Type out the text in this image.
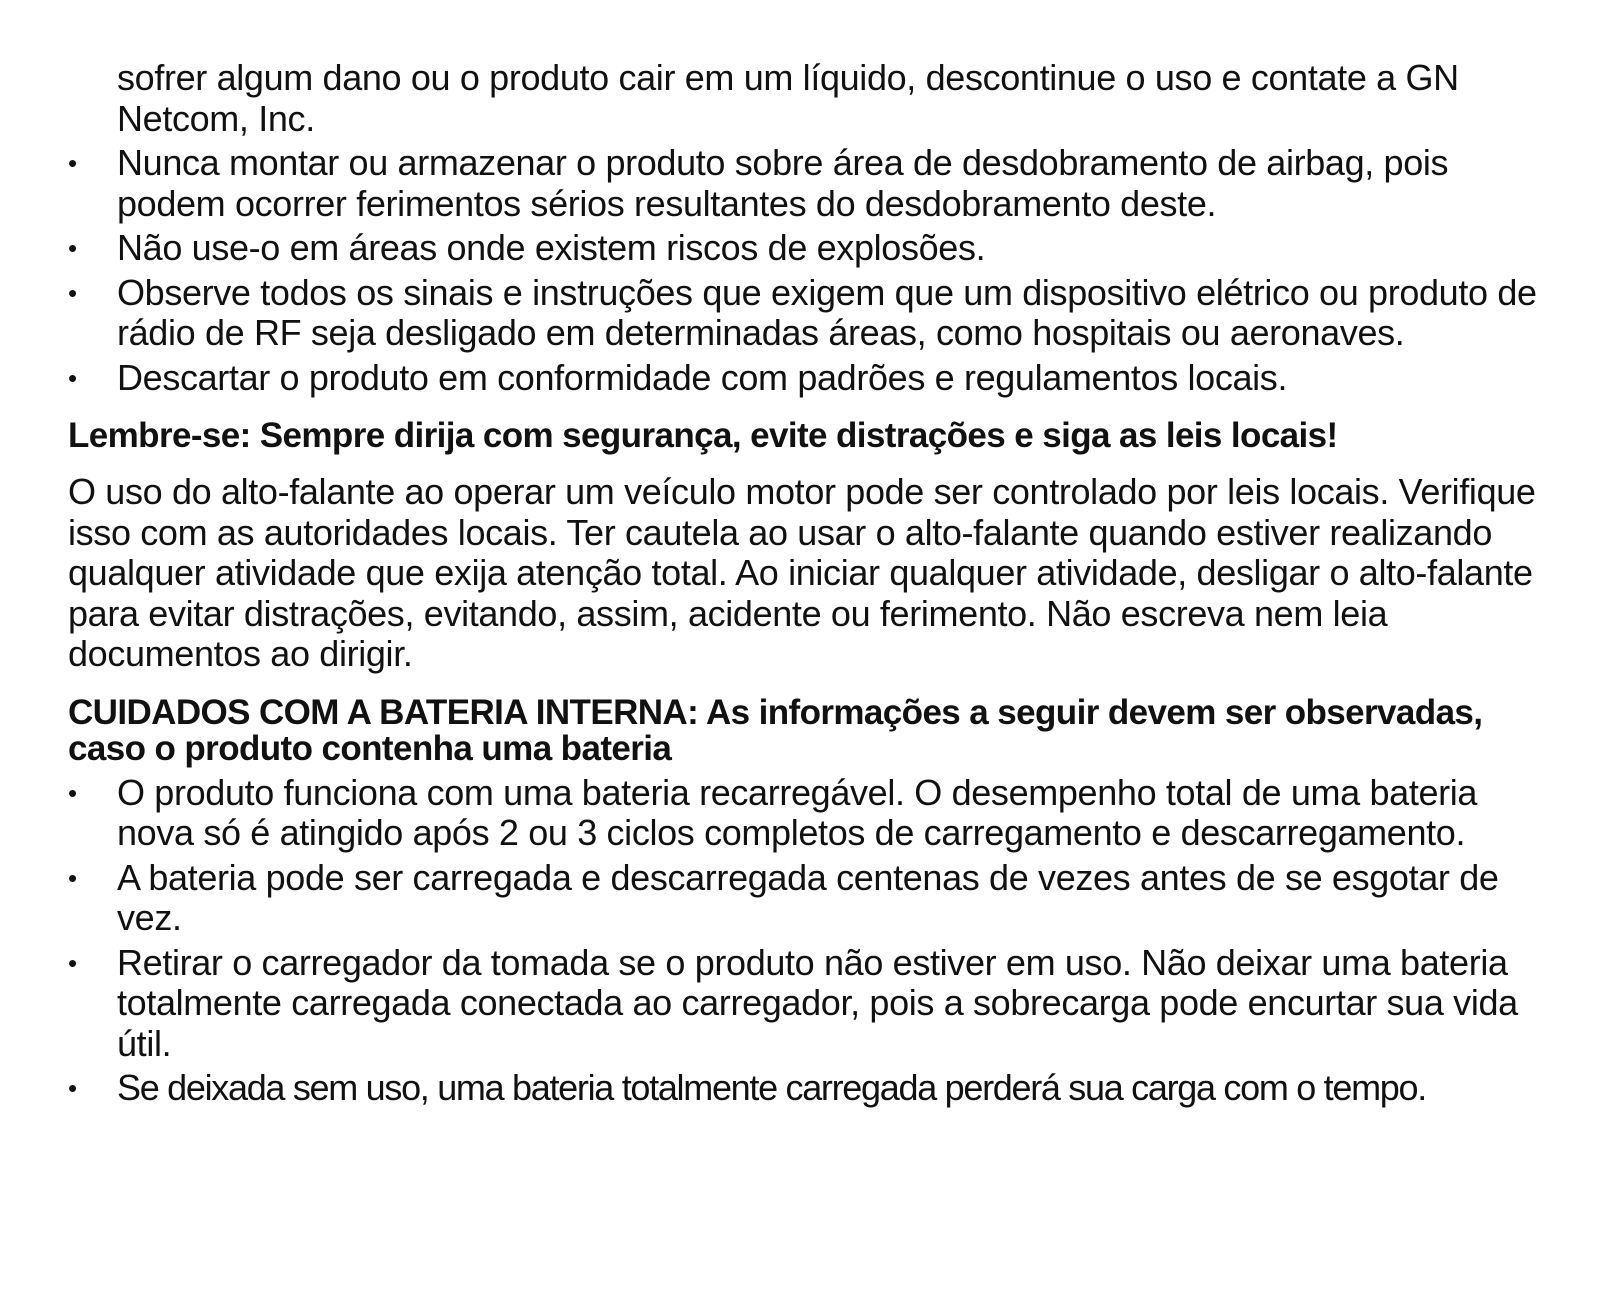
sofrer algum dano ou o produto cair em um líquido, descontinue o uso e contate a GN Netcom, Inc.
• Nunca montar ou armazenar o produto sobre área de desdobramento de airbag, pois podem ocorrer ferimentos sérios resultantes do desdobramento deste.
• Não use-o em áreas onde existem riscos de explosões.
• Observe todos os sinais e instruções que exigem que um dispositivo elétrico ou produto de rádio de RF seja desligado em determinadas áreas, como hospitais ou aeronaves.
• Descartar o produto em conformidade com padrões e regulamentos locais.

Lembre-se: Sempre dirija com segurança, evite distrações e siga as leis locais!

O uso do alto-falante ao operar um veículo motor pode ser controlado por leis locais. Verifique isso com as autoridades locais. Ter cautela ao usar o alto-falante quando estiver realizando qualquer atividade que exija atenção total. Ao iniciar qualquer atividade, desligar o alto-falante para evitar distrações, evitando, assim, acidente ou ferimento. Não escreva nem leia documentos ao dirigir.

CUIDADOS COM A BATERIA INTERNA: As informações a seguir devem ser observadas, caso o produto contenha uma bateria

• O produto funciona com uma bateria recarregável. O desempenho total de uma bateria nova só é atingido após 2 ou 3 ciclos completos de carregamento e descarregamento.
• A bateria pode ser carregada e descarregada centenas de vezes antes de se esgotar de vez.
• Retirar o carregador da tomada se o produto não estiver em uso. Não deixar uma bateria totalmente carregada conectada ao carregador, pois a sobrecarga pode encurtar sua vida útil.
• Se deixada sem uso, uma bateria totalmente carregada perderá sua carga com o tempo.
